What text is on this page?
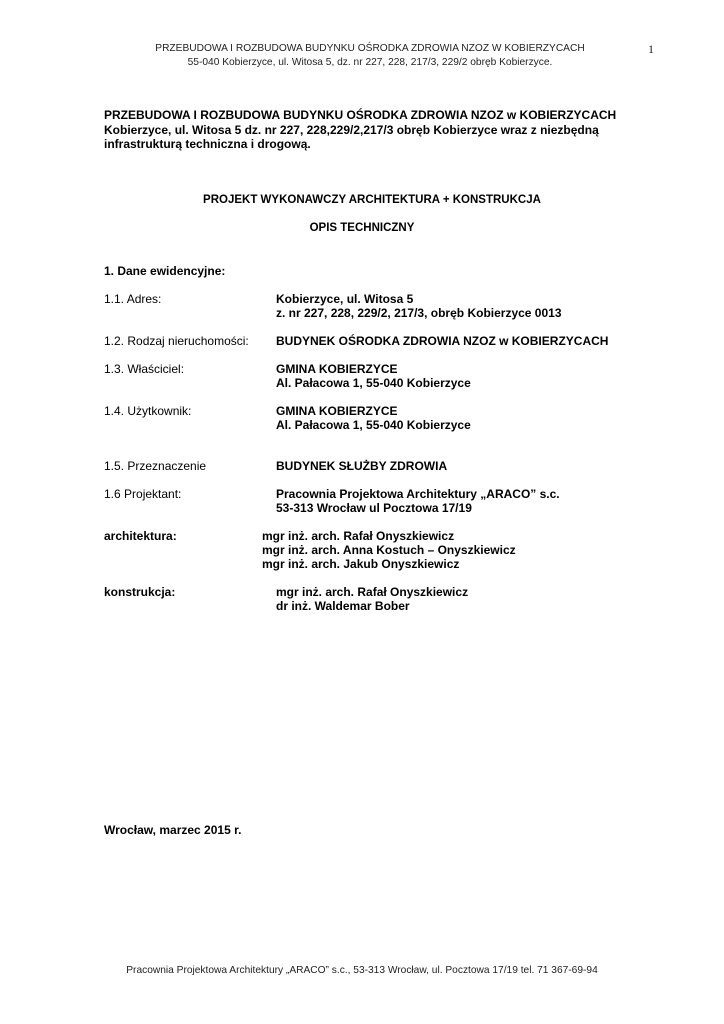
PRZEBUDOWA I ROZBUDOWA BUDYNKU OŚRODKA ZDROWIA NZOZ W KOBIERZYCACH
55-040 Kobierzyce, ul. Witosa 5, dz. nr 227, 228, 217/3, 229/2 obręb Kobierzyce.
1
PRZEBUDOWA I ROZBUDOWA BUDYNKU OŚRODKA ZDROWIA NZOZ w KOBIERZYCACH
Kobierzyce, ul. Witosa 5 dz. nr 227, 228,229/2,217/3 obręb Kobierzyce wraz z niezbędną
infrastrukturą techniczna i drogową.
PROJEKT WYKONAWCZY ARCHITEKTURA + KONSTRUKCJA
OPIS TECHNICZNY
1. Dane ewidencyjne:
1.1. Adres:	Kobierzyce, ul. Witosa 5
z. nr 227, 228, 229/2, 217/3, obręb Kobierzyce 0013
1.2. Rodzaj nieruchomości: BUDYNEK OŚRODKA ZDROWIA NZOZ w KOBIERZYCACH
1.3. Właściciel:	GMINA KOBIERZYCE
Al. Pałacowa 1, 55-040 Kobierzyce
1.4. Użytkownik:	GMINA KOBIERZYCE
Al. Pałacowa 1, 55-040 Kobierzyce
1.5. Przeznaczenie	BUDYNEK SŁUŻBY ZDROWIA
1.6 Projektant:	Pracownia Projektowa Architektury „ARACO” s.c.
53-313 Wrocław ul Pocztowa 17/19
architektura:	mgr inż. arch. Rafał Onyszkiewicz
mgr inż. arch. Anna Kostuch – Onyszkiewicz
mgr inż. arch. Jakub Onyszkiewicz
konstrukcja:	mgr inż. arch. Rafał Onyszkiewicz
dr inż. Waldemar Bober
Wrocław, marzec 2015 r.
Pracownia Projektowa Architektury „ARACO” s.c., 53-313 Wrocław, ul. Pocztowa 17/19 tel. 71 367-69-94
